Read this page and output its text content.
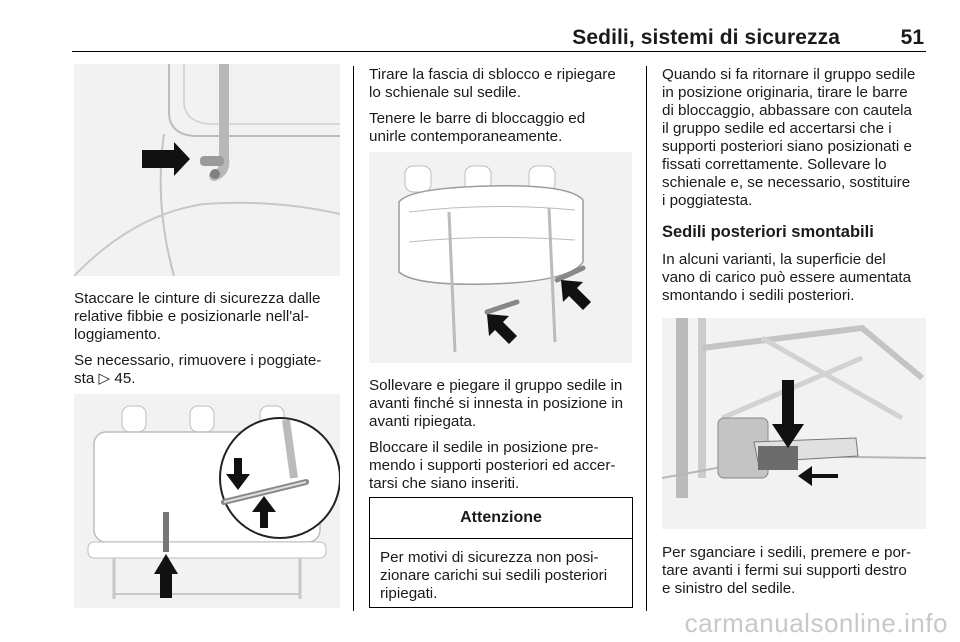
Sedili, sistemi di sicurezza	51

Staccare le cinture di sicurezza dalle
relative fibbie e posizionarle nell'al-
loggiamento.

Se necessario, rimuovere i poggiate-
sta ▷ 45.

Tirare la fascia di sblocco e ripiegare
lo schienale sul sedile.

Tenere le barre di bloccaggio ed
unirle contemporaneamente.

Sollevare e piegare il gruppo sedile in
avanti finché si innesta in posizione in
avanti ripiegata.

Bloccare il sedile in posizione pre-
mendo i supporti posteriori ed accer-
tarsi che siano inseriti.

Attenzione
Per motivi di sicurezza non posi-
zionare carichi sui sedili posteriori
ripiegati.

Quando si fa ritornare il gruppo sedile
in posizione originaria, tirare le barre
di bloccaggio, abbassare con cautela
il gruppo sedile ed accertarsi che i
supporti posteriori siano posizionati e
fissati correttamente. Sollevare lo
schienale e, se necessario, sostituire
i poggiatesta.

Sedili posteriori smontabili

In alcuni varianti, la superficie del
vano di carico può essere aumentata
smontando i sedili posteriori.

Per sganciare i sedili, premere e por-
tare avanti i fermi sui supporti destro
e sinistro del sedile.

carmanualsonline.info
